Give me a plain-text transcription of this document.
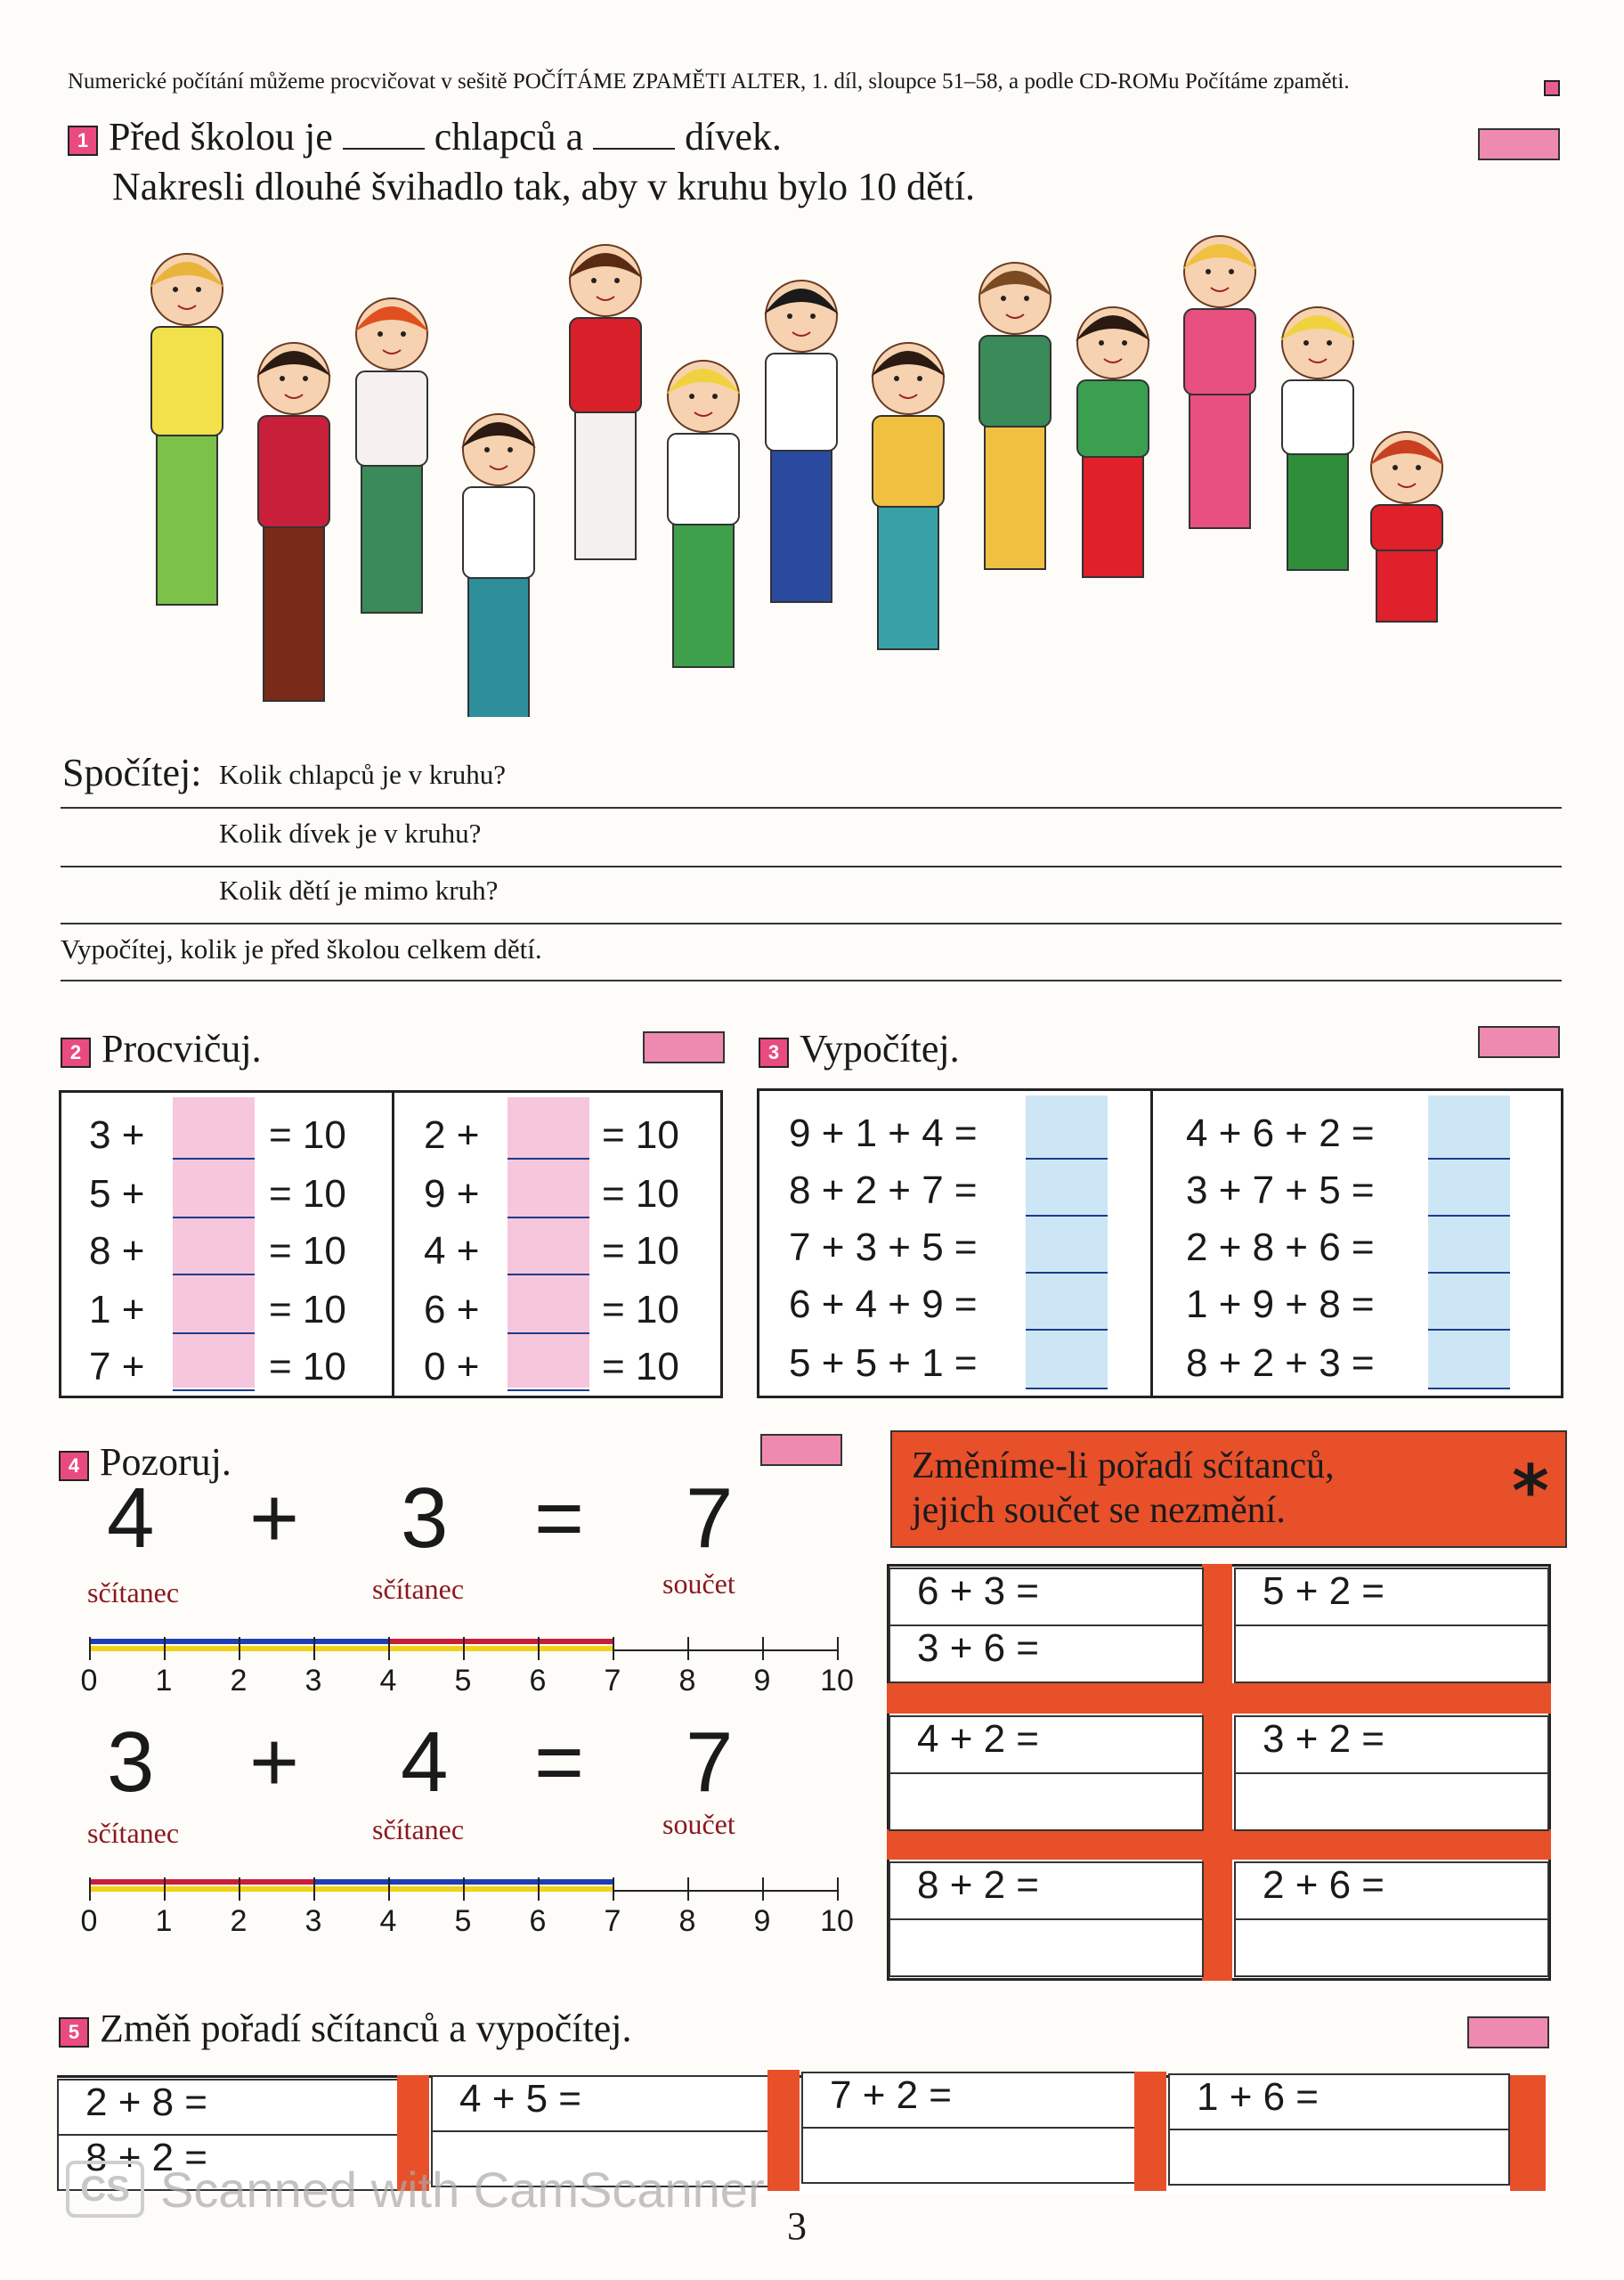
Numerické počítání můžeme procvičovat v sešitě POČÍTÁME ZPAMĚTI ALTER, 1. díl, sloupce 51–58, a podle CD-ROMu Počítáme zpaměti.
1 Před školou je	chlapců a	dívek.
Nakresli dlouhé švihadlo tak, aby v kruhu bylo 10 dětí.
Spočítej: Kolik chlapců je v kruhu?
Kolik dívek je v kruhu?
Kolik dětí je mimo kruh?
Vypočítej, kolik je před školou celkem dětí.
2 Procvičuj.
3 +	= 10
5 +	= 10
8 +	= 10
1 +	= 10
7 +	= 10
2 +	= 10
9 +	= 10
4 +	= 10
6 +	= 10
0 +	= 10
3 Vypočítej.
9 + 1 + 4 =
8 + 2 + 7 =
7 + 3 + 5 =
6 + 4 + 9 =
5 + 5 + 1 =
4 + 6 + 2 =
3 + 7 + 5 =
2 + 8 + 6 =
1 + 9 + 8 =
8 + 2 + 3 =
4 Pozoruj.
4 + 3 = 7
sčítanec	sčítanec	součet
0	1	2	3	4	5	6	7	8	9	10
3 + 4 = 7
sčítanec	sčítanec	součet
0	1	2	3	4	5	6	7	8	9	10
Změníme-li pořadí sčítanců,
jejich součet se nezmění.	*
6 + 3 =
3 + 6 =
5 + 2 =
4 + 2 =	3 + 2 =
8 + 2 =	2 + 6 =
5 Změň pořadí sčítanců a vypočítej.
2 + 8 =
8 + 2 =
4 + 5 =	7 + 2 =	1 + 6 =
CS Scanned with CamScanner
3
